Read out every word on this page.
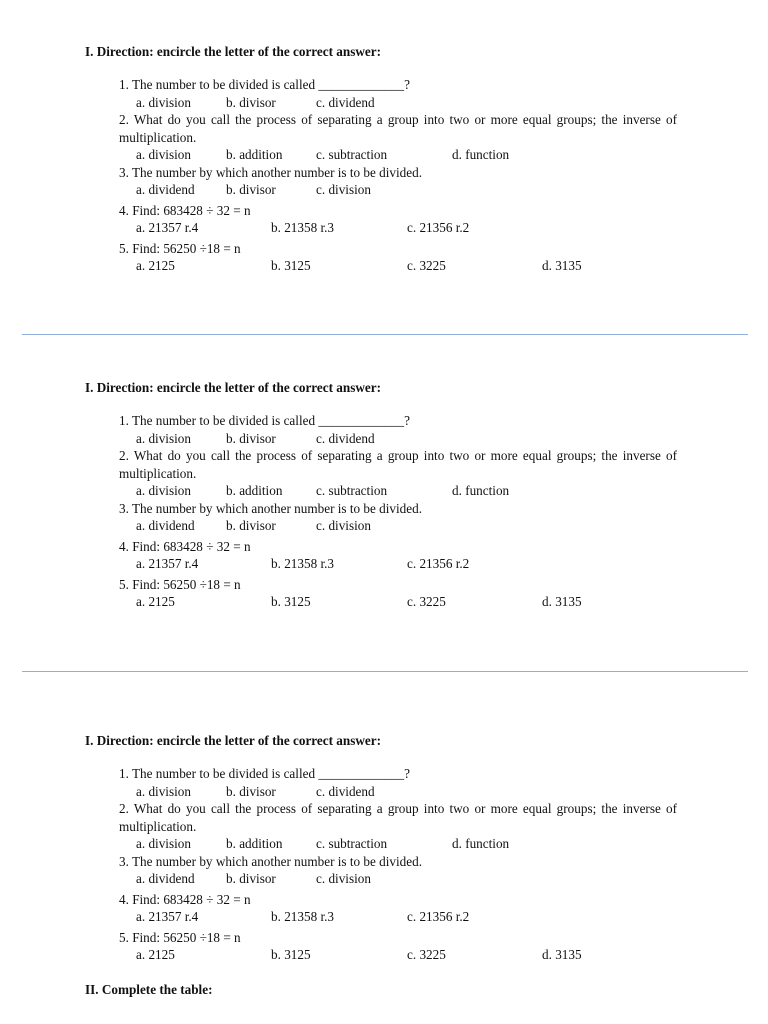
I. Direction: encircle the letter of the correct answer:
1. The number to be divided is called _____________?
a. division	b. divisor	c. dividend
2. What do you call the process of separating a group into two or more equal groups; the inverse of multiplication.
a. division	b. addition	c. subtraction	d. function
3. The number by which another number is to be divided.
a. dividend b. divisor	c. division
4. Find: 683428 ÷ 32 = n
a. 21357 r.4	b. 21358 r.3	c. 21356 r.2
5. Find: 56250 ÷18 = n
a. 2125	b. 3125	c. 3225	d. 3135
I. Direction: encircle the letter of the correct answer:
1. The number to be divided is called _____________?
a. division	b. divisor	c. dividend
2. What do you call the process of separating a group into two or more equal groups; the inverse of multiplication.
a. division	b. addition	c. subtraction	d. function
3. The number by which another number is to be divided.
a. dividend b. divisor	c. division
4. Find: 683428 ÷ 32 = n
a. 21357 r.4	b. 21358 r.3	c. 21356 r.2
5. Find: 56250 ÷18 = n
a. 2125	b. 3125	c. 3225	d. 3135
I. Direction: encircle the letter of the correct answer:
1. The number to be divided is called _____________?
a. division	b. divisor	c. dividend
2. What do you call the process of separating a group into two or more equal groups; the inverse of multiplication.
a. division	b. addition	c. subtraction	d. function
3. The number by which another number is to be divided.
a. dividend b. divisor	c. division
4. Find: 683428 ÷ 32 = n
a. 21357 r.4	b. 21358 r.3	c. 21356 r.2
5. Find: 56250 ÷18 = n
a. 2125	b. 3125	c. 3225	d. 3135
II. Complete the table:
